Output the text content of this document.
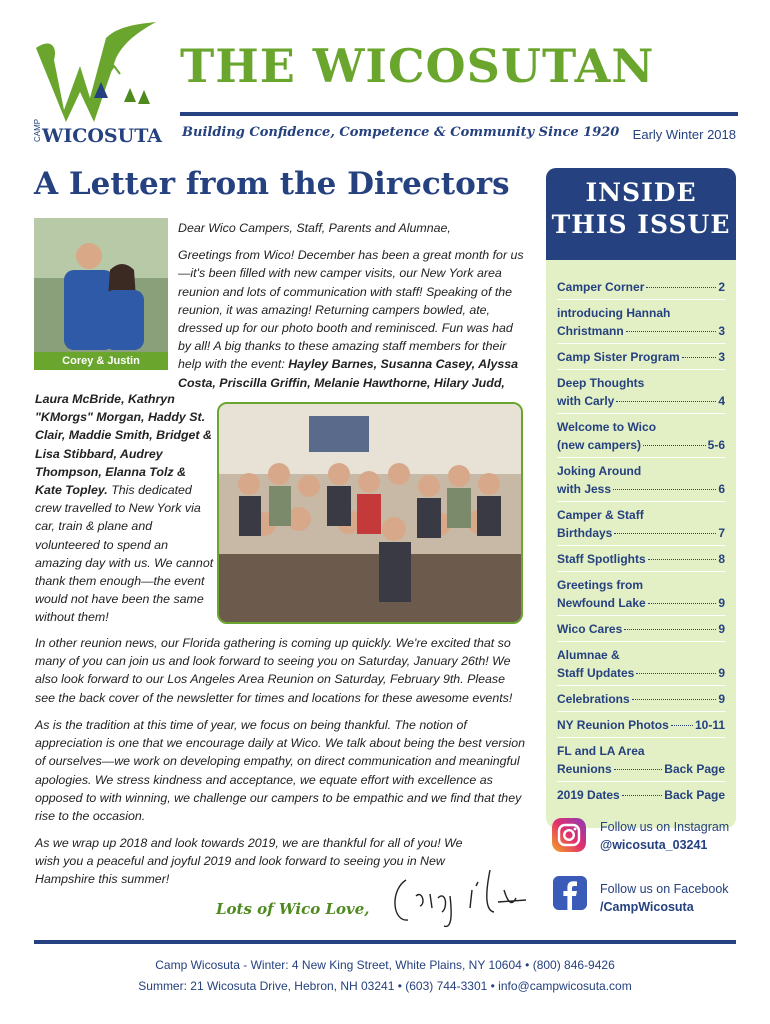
CAMP WICOSUTA
THE WICOSUTAN
Building Confidence, Competence & Community Since 1920 Early Winter 2018
A Letter from the Directors
Corey & Justin

Dear Wico Campers, Staff, Parents and Alumnae,

Greetings from Wico! December has been a great month for us—it's been filled with new camper visits, our New York area reunion and lots of communication with staff! Speaking of the reunion, it was amazing! Returning campers bowled, ate, dressed up for our photo booth and reminisced. Fun was had by all! A big thanks to these amazing staff members for their help with the event: Hayley Barnes, Susanna Casey, Alyssa Costa, Priscilla Griffin, Melanie Hawthorne, Hilary Judd,

Laura McBride, Kathryn "KMorgs" Morgan, Haddy St. Clair, Maddie Smith, Bridget & Lisa Stibbard, Audrey Thompson, Elanna Tolz & Kate Topley. This dedicated crew travelled to New York via car, train & plane and volunteered to spend an amazing day with us. We cannot thank them enough—the event would not have been the same without them!

In other reunion news, our Florida gathering is coming up quickly. We're excited that so many of you can join us and look forward to seeing you on Saturday, January 26th! We also look forward to our Los Angeles Area Reunion on Saturday, February 9th. Please see the back cover of the newsletter for times and locations for these awesome events!

As is the tradition at this time of year, we focus on being thankful. The notion of appreciation is one that we encourage daily at Wico. We talk about being the best version of ourselves—we work on developing empathy, on direct communication and meaningful apologies. We stress kindness and acceptance, we equate effort with excellence as opposed to with winning, we challenge our campers to be empathic and we find that they rise to the occasion.

As we wrap up 2018 and look towards 2019, we are thankful for all of you! We wish you a peaceful and joyful 2019 and look forward to seeing you in New Hampshire this summer!

Lots of Wico Love,
INSIDE
THIS ISSUE
Camper Corner	2
introducing Hannah
Christmann	3
Camp Sister Program	3
Deep Thoughts
with Carly	4
Welcome to Wico
(new campers)	5-6
Joking Around
with Jess	6
Camper & Staff
Birthdays	7
Staff Spotlights	8
Greetings from
Newfound Lake	9
Wico Cares	9
Alumnae &
Staff Updates	9
Celebrations	9
NY Reunion Photos 10-11
FL and LA Area
Reunions	Back Page
2019 Dates	Back Page
Follow us on Instagram
@wicosuta_03241
Follow us on Facebook
/CampWicosuta
Camp Wicosuta - Winter: 4 New King Street, White Plains, NY 10604 • (800) 846-9426
Summer: 21 Wicosuta Drive, Hebron, NH 03241 • (603) 744-3301 • info@campwicosuta.com
